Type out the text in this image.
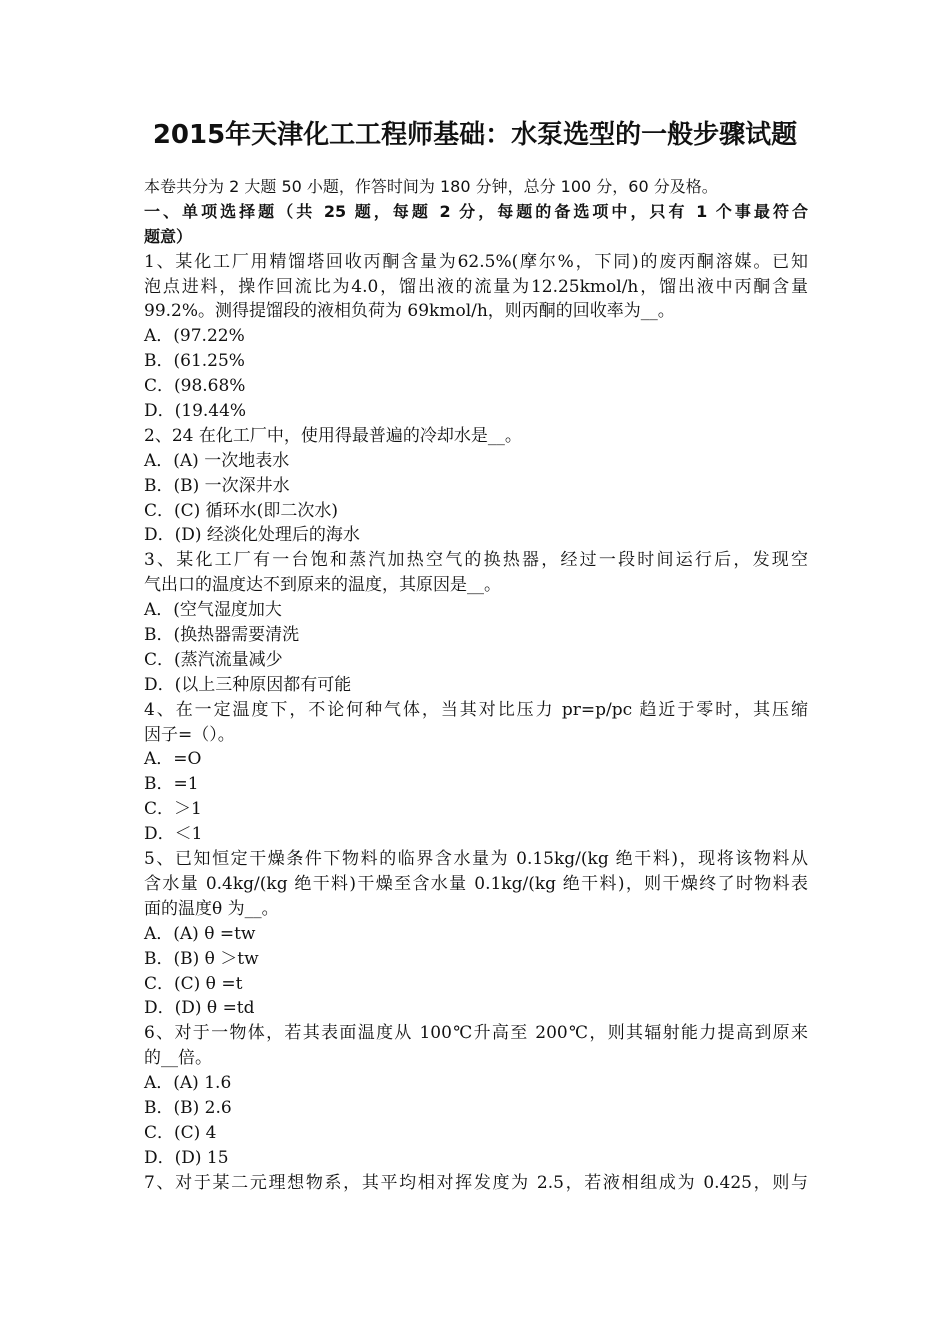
2015年天津化工工程师基础：水泵选型的一般步骤试题
本卷共分为 2 大题 50 小题，作答时间为 180 分钟，总分 100 分，60 分及格。
一、单项选择题（共 25 题，每题 2 分，每题的备选项中，只有 1 个事最符合
题意）
1、某化工厂用精馏塔回收丙酮含量为62.5%(摩尔%，下同)的废丙酮溶媒。已知
泡点进料，操作回流比为4.0，馏出液的流量为12.25kmol/h，馏出液中丙酮含量
99.2%。测得提馏段的液相负荷为 69kmol/h，则丙酮的回收率为__。
A．(97.22%
B．(61.25%
C．(98.68%
D．(19.44%
2、24 在化工厂中，使用得最普遍的冷却水是__。
A．(A) 一次地表水
B．(B) 一次深井水
C．(C) 循环水(即二次水)
D．(D) 经淡化处理后的海水
3、某化工厂有一台饱和蒸汽加热空气的换热器，经过一段时间运行后，发现空
气出口的温度达不到原来的温度，其原因是__。
A．(空气湿度加大
B．(换热器需要清洗
C．(蒸汽流量减少
D．(以上三种原因都有可能
4、在一定温度下，不论何种气体，当其对比压力 pr=p/pc 趋近于零时，其压缩
因子=（）。
A．=O
B．=1
C．＞1
D．＜1
5、已知恒定干燥条件下物料的临界含水量为 0.15kg/(kg 绝干料)，现将该物料从
含水量 0.4kg/(kg 绝干料)干燥至含水量 0.1kg/(kg 绝干料)，则干燥终了时物料表
面的温度θ 为__。
A．(A) θ =tw
B．(B) θ ＞tw
C．(C) θ =t
D．(D) θ =td
6、对于一物体，若其表面温度从 100℃升高至 200℃，则其辐射能力提高到原来
的__倍。
A．(A) 1.6
B．(B) 2.6
C．(C) 4
D．(D) 15
7、对于某二元理想物系，其平均相对挥发度为 2.5，若液相组成为 0.425，则与
